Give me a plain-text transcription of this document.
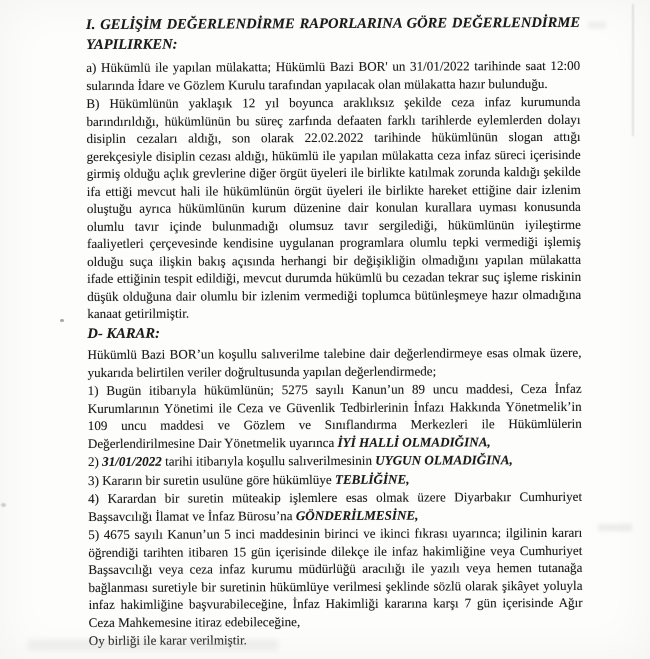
I. GELİŞİM DEĞERLENDİRME RAPORLARINA GÖRE DEĞERLENDİRME YAPILIRKEN:

a) Hükümlü ile yapılan mülakatta; Hükümlü Bazi BOR' un 31/01/2022 tarihinde saat 12:00 sularında İdare ve Gözlem Kurulu tarafından yapılacak olan mülakatta hazır bulunduğu.

B) Hükümlünün yaklaşık 12 yıl boyunca araklıksız şekilde ceza infaz kurumunda barındırıldığı, hükümlünün bu süreç zarfında defaaten farklı tarihlerde eylemlerden dolayı disiplin cezaları aldığı, son olarak 22.02.2022 tarihinde hükümlünün slogan attığı gerekçesiyle disiplin cezası aldığı, hükümlü ile yapılan mülakatta ceza infaz süreci içerisinde girmiş olduğu açlık grevlerine diğer örgüt üyeleri ile birlikte katılmak zorunda kaldığı şekilde ifa ettiği mevcut hali ile hükümlünün örgüt üyeleri ile birlikte hareket ettiğine dair izlenim oluştuğu ayrıca hükümlünün kurum düzenine dair konulan kurallara uyması konusunda olumlu tavır içinde bulunmadığı olumsuz tavır sergilediği, hükümlünün iyileştirme faaliyetleri çerçevesinde kendisine uygulanan programlara olumlu tepki vermediği işlemiş olduğu suça ilişkin bakış açısında herhangi bir değişikliğin olmadığını yapılan mülakatta ifade ettiğinin tespit edildiği, mevcut durumda hükümlü bu cezadan tekrar suç işleme riskinin düşük olduğuna dair olumlu bir izlenim vermediği toplumca bütünleşmeye hazır olmadığına kanaat getirilmiştir.

D- KARAR:

Hükümlü Bazi BOR’un koşullu salıverilme talebine dair değerlendirmeye esas olmak üzere, yukarıda belirtilen veriler doğrultusunda yapılan değerlendirmede;

1) Bugün itibarıyla hükümlünün; 5275 sayılı Kanun’un 89 uncu maddesi, Ceza İnfaz Kurumlarının Yönetimi ile Ceza ve Güvenlik Tedbirlerinin İnfazı Hakkında Yönetmelik’in 109 uncu maddesi ve Gözlem ve Sınıflandırma Merkezleri ile Hükümlülerin Değerlendirilmesine Dair Yönetmelik uyarınca İYİ HALLİ OLMADIĞINA,

2) 31/01/2022 tarihi itibarıyla koşullu salıverilmesinin UYGUN OLMADIĞINA,

3) Kararın bir suretin usulüne göre hükümlüye TEBLİĞİNE,

4) Karardan bir suretin müteakip işlemlere esas olmak üzere Diyarbakır Cumhuriyet Başsavcılığı İlamat ve İnfaz Bürosu’na GÖNDERİLMESİNE,

5) 4675 sayılı Kanun’un 5 inci maddesinin birinci ve ikinci fıkrası uyarınca; ilgilinin kararı öğrendiği tarihten itibaren 15 gün içerisinde dilekçe ile infaz hakimliğine veya Cumhuriyet Başsavcılığı veya ceza infaz kurumu müdürlüğü aracılığı ile yazılı veya hemen tutanağa bağlanması suretiyle bir suretinin hükümlüye verilmesi şeklinde sözlü olarak şikâyet yoluyla infaz hakimliğine başvurabileceğine, İnfaz Hakimliği kararına karşı 7 gün içerisinde Ağır Ceza Mahkemesine itiraz edebileceğine,

Oy birliği ile karar verilmiştir.
